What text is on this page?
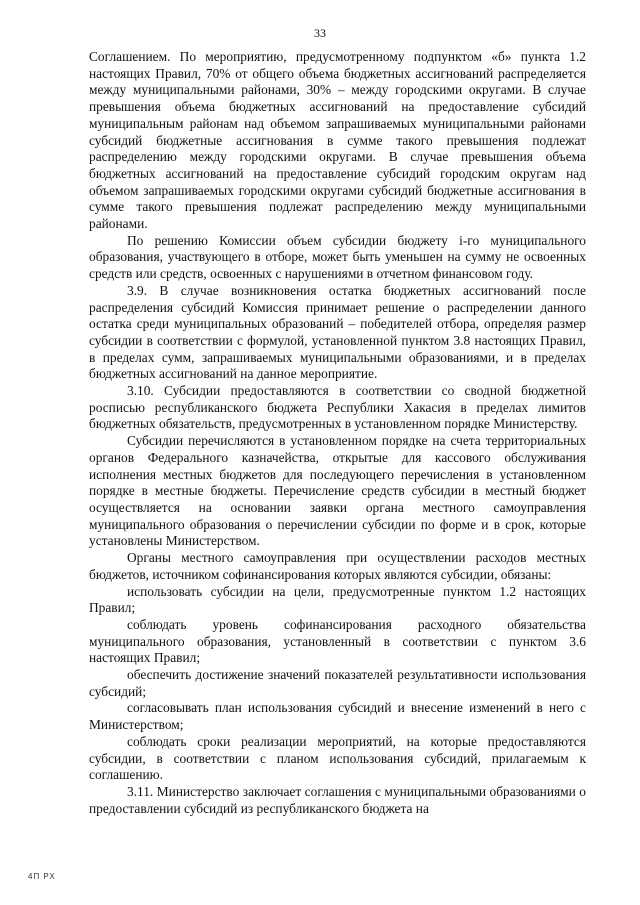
33

Соглашением. По мероприятию, предусмотренному подпунктом «б» пункта 1.2 настоящих Правил, 70% от общего объема бюджетных ассигнований распределяется между муниципальными районами, 30% – между городскими округами. В случае превышения объема бюджетных ассигнований на предоставление субсидий муниципальным районам над объемом запрашиваемых муниципальными районами субсидий бюджетные ассигнования в сумме такого превышения подлежат распределению между городскими округами. В случае превышения объема бюджетных ассигнований на предоставление субсидий городским округам над объемом запрашиваемых городскими округами субсидий бюджетные ассигнования в сумме такого превышения подлежат распределению между муниципальными районами.

По решению Комиссии объем субсидии бюджету i-го муниципального образования, участвующего в отборе, может быть уменьшен на сумму не освоенных средств или средств, освоенных с нарушениями в отчетном финансовом году.

3.9. В случае возникновения остатка бюджетных ассигнований после распределения субсидий Комиссия принимает решение о распределении данного остатка среди муниципальных образований – победителей отбора, определяя размер субсидии в соответствии с формулой, установленной пунктом 3.8 настоящих Правил, в пределах сумм, запрашиваемых муниципальными образованиями, и в пределах бюджетных ассигнований на данное мероприятие.

3.10. Субсидии предоставляются в соответствии со сводной бюджетной росписью республиканского бюджета Республики Хакасия в пределах лимитов бюджетных обязательств, предусмотренных в установленном порядке Министерству.

Субсидии перечисляются в установленном порядке на счета территориальных органов Федерального казначейства, открытые для кассового обслуживания исполнения местных бюджетов для последующего перечисления в установленном порядке в местные бюджеты. Перечисление средств субсидии в местный бюджет осуществляется на основании заявки органа местного самоуправления муниципального образования о перечислении субсидии по форме и в срок, которые установлены Министерством.

Органы местного самоуправления при осуществлении расходов местных бюджетов, источником софинансирования которых являются субсидии, обязаны:

использовать субсидии на цели, предусмотренные пунктом 1.2 настоящих Правил;

соблюдать уровень софинансирования расходного обязательства муниципального образования, установленный в соответствии с пунктом 3.6 настоящих Правил;

обеспечить достижение значений показателей результативности использования субсидий;

согласовывать план использования субсидий и внесение изменений в него с Министерством;

соблюдать сроки реализации мероприятий, на которые предоставляются субсидии, в соответствии с планом использования субсидий, прилагаемым к соглашению.

3.11. Министерство заключает соглашения с муниципальными образованиями о предоставлении субсидий из республиканского бюджета на

4П РХ
